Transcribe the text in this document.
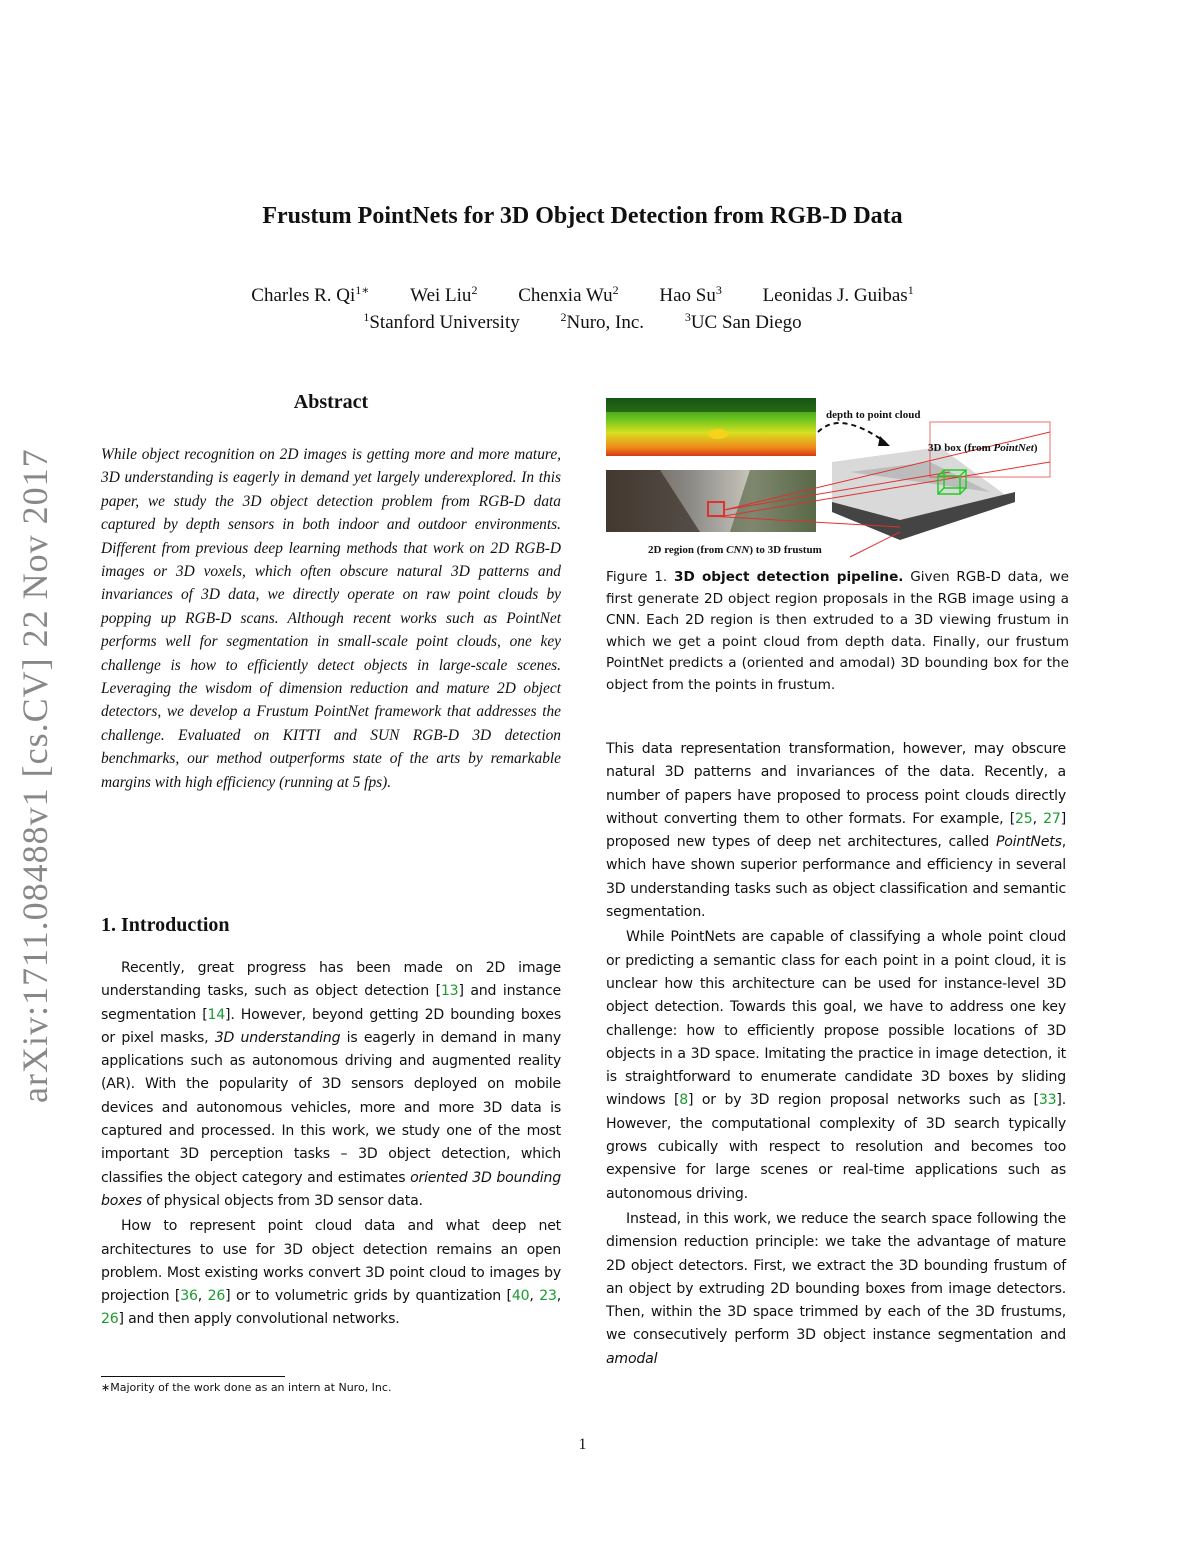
arXiv:1711.08488v1 [cs.CV] 22 Nov 2017
Frustum PointNets for 3D Object Detection from RGB-D Data
Charles R. $Qi^{1∗}$ Wei Liu$^2$ Chenxia Wu$^2$ Hao Su$^3$ Leonidas J. Guibas$^1$
$^1$Stanford University	$^2$Nuro, Inc.	$^3$UC San Diego
Abstract
While object recognition on 2D images is getting more and more mature, 3D understanding is eagerly in demand yet largely underexplored. In this paper, we study the 3D object detection problem from RGB-D data captured by depth sensors in both indoor and outdoor environments. Different from previous deep learning methods that work on 2D RGB-D images or 3D voxels, which often obscure natural 3D patterns and invariances of 3D data, we directly operate on raw point clouds by popping up RGB-D scans. Although recent works such as PointNet performs well for segmentation in small-scale point clouds, one key challenge is how to efficiently detect objects in large-scale scenes. Leveraging the wisdom of dimension reduction and mature 2D object detectors, we develop a Frustum PointNet framework that addresses the challenge. Evaluated on KITTI and SUN RGB-D 3D detection benchmarks, our method outperforms state of the arts by remarkable margins with high efficiency (running at 5 fps).
1. Introduction

Recently, great progress has been made on 2D image understanding tasks, such as object detection [13] and instance segmentation [14]. However, beyond getting 2D bounding boxes or pixel masks, 3D understanding is eagerly in demand in many applications such as autonomous driving and augmented reality (AR). With the popularity of 3D sensors deployed on mobile devices and autonomous vehicles, more and more 3D data is captured and processed. In this work, we study one of the most important 3D perception tasks – 3D object detection, which classifies the object category and estimates oriented 3D bounding boxes of physical objects from 3D sensor data.

How to represent point cloud data and what deep net architectures to use for 3D object detection remains an open problem. Most existing works convert 3D point cloud to images by projection [36, 26] or to volumetric grids by quantization [40, 23, 26] and then apply convolutional networks.

∗Majority of the work done as an intern at Nuro, Inc.
depth to point cloud
3D box (from PointNet)
2D region (from CNN) to 3D frustum
Figure 1. 3D object detection pipeline. Given RGB-D data, we first generate 2D object region proposals in the RGB image using a CNN. Each 2D region is then extruded to a 3D viewing frustum in which we get a point cloud from depth data. Finally, our frustum PointNet predicts a (oriented and amodal) 3D bounding box for the object from the points in frustum.

This data representation transformation, however, may obscure natural 3D patterns and invariances of the data. Recently, a number of papers have proposed to process point clouds directly without converting them to other formats. For example, [25, 27] proposed new types of deep net architectures, called PointNets, which have shown superior performance and efficiency in several 3D understanding tasks such as object classification and semantic segmentation.

While PointNets are capable of classifying a whole point cloud or predicting a semantic class for each point in a point cloud, it is unclear how this architecture can be used for instance-level 3D object detection. Towards this goal, we have to address one key challenge: how to efficiently propose possible locations of 3D objects in a 3D space. Imitating the practice in image detection, it is straightforward to enumerate candidate 3D boxes by sliding windows [8] or by 3D region proposal networks such as [33]. However, the computational complexity of 3D search typically grows cubically with respect to resolution and becomes too expensive for large scenes or real-time applications such as autonomous driving.

Instead, in this work, we reduce the search space following the dimension reduction principle: we take the advantage of mature 2D object detectors. First, we extract the 3D bounding frustum of an object by extruding 2D bounding boxes from image detectors. Then, within the 3D space trimmed by each of the 3D frustums, we consecutively perform 3D object instance segmentation and amodal

1
